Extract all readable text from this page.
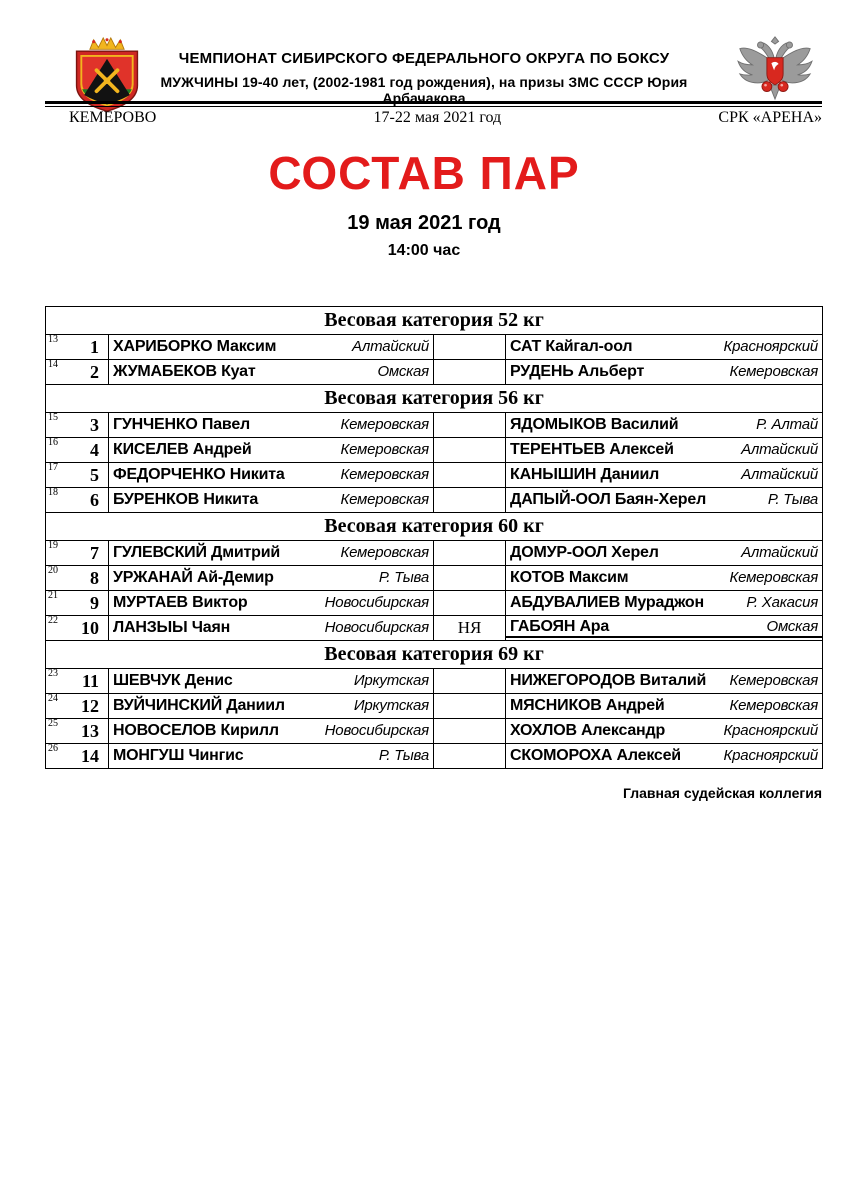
ЧЕМПИОНАТ СИБИРСКОГО ФЕДЕРАЛЬНОГО ОКРУГА ПО БОКСУ
МУЖЧИНЫ 19-40 лет, (2002-1981 год рождения), на призы ЗМС СССР Юрия Арбачакова
КЕМЕРОВО	17-22 мая 2021 год	СРК «АРЕНА»
СОСТАВ ПАР
19 мая 2021 год
14:00 час
Весовая категория 52 кг			

13 1	ХАРИБОРКО Максим Алтайский		САТ Кайгал-оол Красноярский

14 2	ЖУМАБЕКОВ Куат Омская		РУДЕНЬ Альберт Кемеровская

Весовая категория 56 кг			

15 3	ГУНЧЕНКО Павел Кемеровская		ЯДОМЫКОВ Василий Р. Алтай

16 4	КИСЕЛЕВ Андрей Кемеровская		ТЕРЕНТЬЕВ Алексей Алтайский

17 5	ФЕДОРЧЕНКО Никита Кемеровская		КАНЫШИН Даниил Алтайский

18 6	БУРЕНКОВ Никита Кемеровская		ДАПЫЙ-ООЛ Баян-Херел Р. Тыва

Весовая категория 60 кг			

19 7	ГУЛЕВСКИЙ Дмитрий Кемеровская		ДОМУР-ООЛ Херел Алтайский

20 8	УРЖАНАЙ Ай-Демир Р. Тыва		КОТОВ Максим Кемеровская

21 9	МУРТАЕВ Виктор Новосибирская		АБДУВАЛИЕВ Мураджон Р. Хакасия

22 10	ЛАНЗЫЫ Чаян Новосибирская	НЯ	ГАБОЯН Ара Омская

Весовая категория 69 кг			

23 11	ШЕВЧУК Денис Иркутская		НИЖЕГОРОДОВ Виталий Кемеровская

24 12	ВУЙЧИНСКИЙ Даниил Иркутская		МЯСНИКОВ Андрей Кемеровская

25 13	НОВОСЕЛОВ Кирилл Новосибирская		ХОХЛОВ Александр Красноярский

26 14	МОНГУШ Чингис Р. Тыва		СКОМОРОХА Алексей Красноярский
Главная судейская коллегия
